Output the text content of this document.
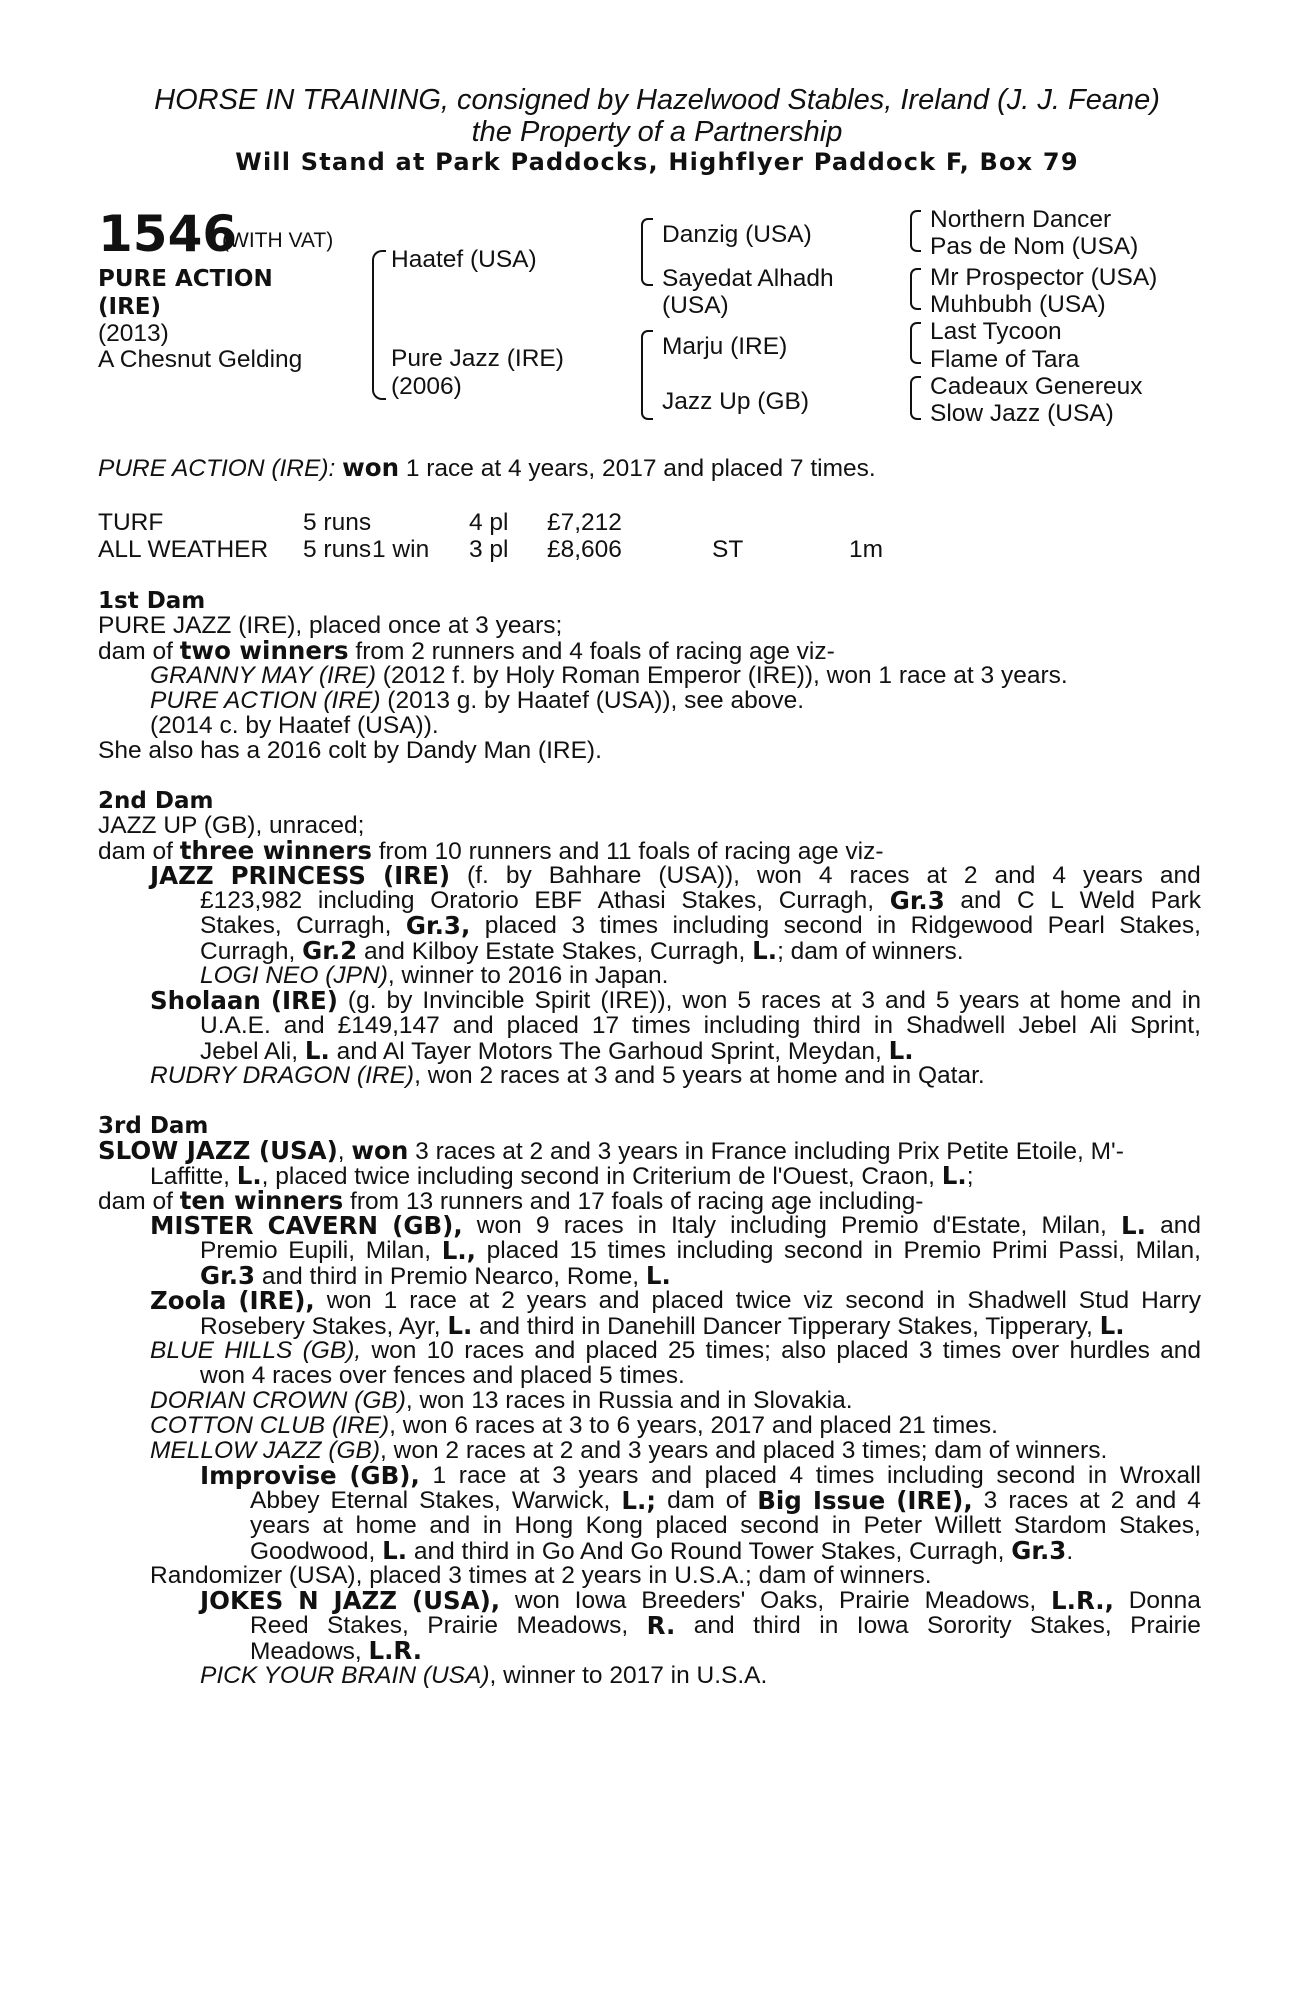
HORSE IN TRAINING, consigned by Hazelwood Stables, Ireland (J. J. Feane)
the Property of a Partnership
Will Stand at Park Paddocks, Highflyer Paddock F, Box 79
1546
(WITH VAT)
PURE ACTION
(IRE)
(2013)
A Chesnut Gelding
Haatef (USA)
Pure Jazz (IRE)
(2006)
Danzig (USA)
Sayedat Alhadh
(USA)
Marju (IRE)
Jazz Up (GB)
Northern Dancer
Pas de Nom (USA)
Mr Prospector (USA)
Muhbubh (USA)
Last Tycoon
Flame of Tara
Cadeaux Genereux
Slow Jazz (USA)
PURE ACTION (IRE): won 1 race at 4 years, 2017 and placed 7 times.
TURF	5 runs	4 pl £7,212
ALL WEATHER 5 runs 1 win 3 pl £8,606	ST	1m
1st Dam
PURE JAZZ (IRE), placed once at 3 years;
dam of two winners from 2 runners and 4 foals of racing age viz-
GRANNY MAY (IRE) (2012 f. by Holy Roman Emperor (IRE)), won 1 race at 3 years.
PURE ACTION (IRE) (2013 g. by Haatef (USA)), see above.
(2014 c. by Haatef (USA)).
She also has a 2016 colt by Dandy Man (IRE).
2nd Dam
JAZZ UP (GB), unraced;
dam of three winners from 10 runners and 11 foals of racing age viz-
JAZZ PRINCESS (IRE) (f. by Bahhare (USA)), won 4 races at 2 and 4 years and
£123,982 including Oratorio EBF Athasi Stakes, Curragh, Gr.3 and C L Weld Park
Stakes, Curragh, Gr.3, placed 3 times including second in Ridgewood Pearl Stakes,
Curragh, Gr.2 and Kilboy Estate Stakes, Curragh, L.; dam of winners.
LOGI NEO (JPN), winner to 2016 in Japan.
Sholaan (IRE) (g. by Invincible Spirit (IRE)), won 5 races at 3 and 5 years at home and in
U.A.E. and £149,147 and placed 17 times including third in Shadwell Jebel Ali Sprint,
Jebel Ali, L. and Al Tayer Motors The Garhoud Sprint, Meydan, L.
RUDRY DRAGON (IRE), won 2 races at 3 and 5 years at home and in Qatar.
3rd Dam
SLOW JAZZ (USA), won 3 races at 2 and 3 years in France including Prix Petite Etoile, M'-
Laffitte, L., placed twice including second in Criterium de l'Ouest, Craon, L.;
dam of ten winners from 13 runners and 17 foals of racing age including-
MISTER CAVERN (GB), won 9 races in Italy including Premio d'Estate, Milan, L. and
Premio Eupili, Milan, L., placed 15 times including second in Premio Primi Passi, Milan,
Gr.3 and third in Premio Nearco, Rome, L.
Zoola (IRE), won 1 race at 2 years and placed twice viz second in Shadwell Stud Harry
Rosebery Stakes, Ayr, L. and third in Danehill Dancer Tipperary Stakes, Tipperary, L.
BLUE HILLS (GB), won 10 races and placed 25 times; also placed 3 times over hurdles and
won 4 races over fences and placed 5 times.
DORIAN CROWN (GB), won 13 races in Russia and in Slovakia.
COTTON CLUB (IRE), won 6 races at 3 to 6 years, 2017 and placed 21 times.
MELLOW JAZZ (GB), won 2 races at 2 and 3 years and placed 3 times; dam of winners.
Improvise (GB), 1 race at 3 years and placed 4 times including second in Wroxall
Abbey Eternal Stakes, Warwick, L.; dam of Big Issue (IRE), 3 races at 2 and 4
years at home and in Hong Kong placed second in Peter Willett Stardom Stakes,
Goodwood, L. and third in Go And Go Round Tower Stakes, Curragh, Gr.3.
Randomizer (USA), placed 3 times at 2 years in U.S.A.; dam of winners.
JOKES N JAZZ (USA), won Iowa Breeders' Oaks, Prairie Meadows, L.R., Donna
Reed Stakes, Prairie Meadows, R. and third in Iowa Sorority Stakes, Prairie
Meadows, L.R.
PICK YOUR BRAIN (USA), winner to 2017 in U.S.A.
